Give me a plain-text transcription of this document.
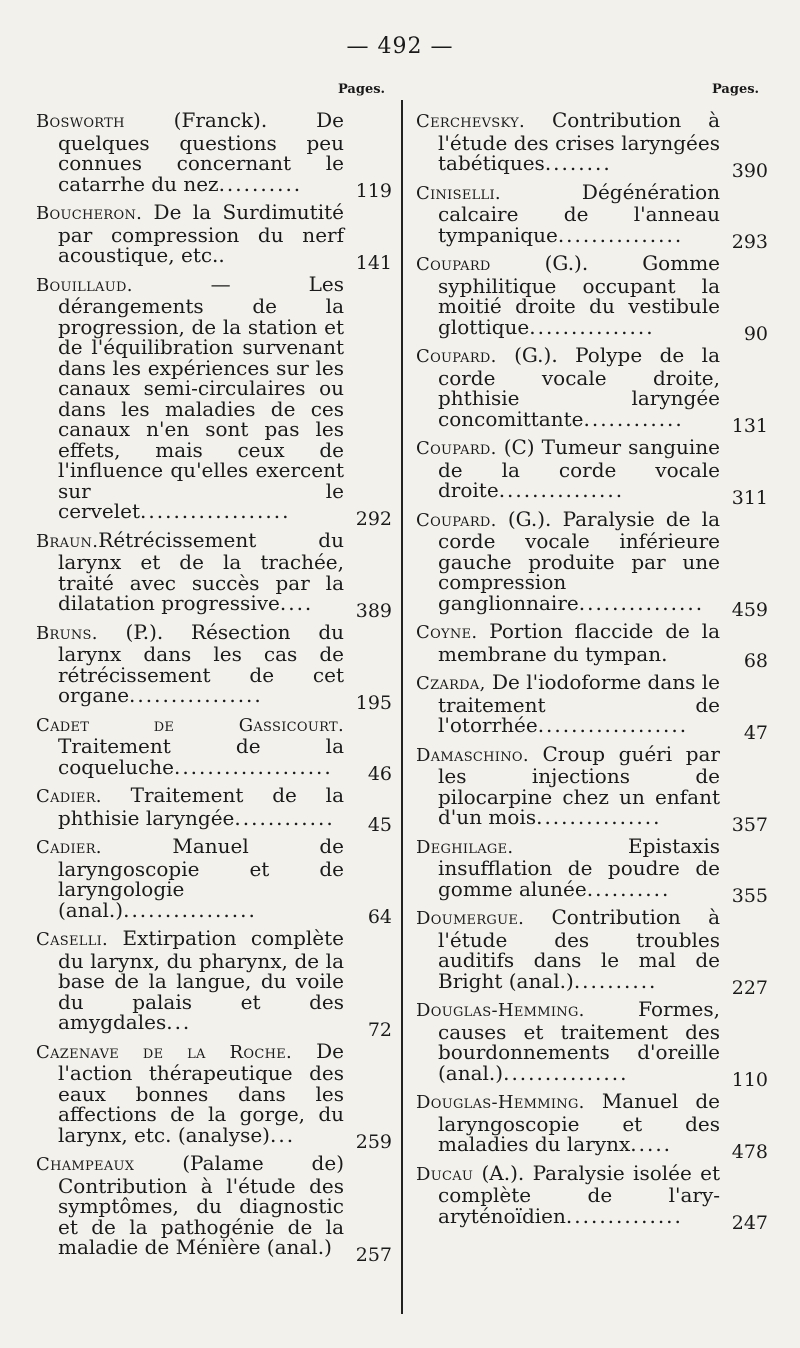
— 492 —
Pages.	Pages.
Bosworth (Franck). De quelques questions peu connues concernant le catarrhe du nez..........	119
Boucheron. De la Surdimutité par compression du nerf acoustique, etc..	141
Bouillaud. — Les dérangements de la progression, de la station et de l'équilibration survenant dans les expériences sur les canaux semi-circulaires ou dans les maladies de ces canaux n'en sont pas les effets, mais ceux de l'influence qu'elles exercent sur le cervelet..................	292
Braun.Rétrécissement du larynx et de la trachée, traité avec succès par la dilatation progressive....	389
Bruns. (P.). Résection du larynx dans les cas de rétrécissement de cet organe................	195
Cadet de Gassicourt. Traitement de la coqueluche...................	46
Cadier. Traitement de la phthisie laryngée............	45
Cadier. Manuel de laryngoscopie et de laryngologie (anal.)................	64
Caselli. Extirpation complète du larynx, du pharynx, de la base de la langue, du voile du palais et des amygdales...	72
Cazenave de la Roche. De l'action thérapeutique des eaux bonnes dans les affections de la gorge, du larynx, etc. (analyse)...	259
Champeaux (Palame de) Contribution à l'étude des symptômes, du diagnostic et de la pathogénie de la maladie de Ménière (anal.)	257
Cerchevsky. Contribution à l'étude des crises laryngées tabétiques........	390
Ciniselli. Dégénération calcaire de l'anneau tympanique...............	293
Coupard (G.). Gomme syphilitique occupant la moitié droite du vestibule glottique...............	90
Coupard. (G.). Polype de la corde vocale droite, phthisie laryngée concomittante............	131
Coupard. (C) Tumeur sanguine de la corde vocale droite...............	311
Coupard. (G.). Paralysie de la corde vocale inférieure gauche produite par une compression ganglionnaire...............	459
Coyne. Portion flaccide de la membrane du tympan.	68
Czarda, De l'iodoforme dans le traitement de l'otorrhée..................	47
Damaschino. Croup guéri par les injections de pilocarpine chez un enfant d'un mois...............	357
Deghilage. Epistaxis insufflation de poudre de gomme alunée..........	355
Doumergue. Contribution à l'étude des troubles auditifs dans le mal de Bright (anal.)..........	227
Douglas-Hemming. Formes, causes et traitement des bourdonnements d'oreille (anal.)...............	110
Douglas-Hemming. Manuel de laryngoscopie et des maladies du larynx.....	478
Ducau (A.). Paralysie isolée et complète de l'ary-aryténoïdien..............	247
